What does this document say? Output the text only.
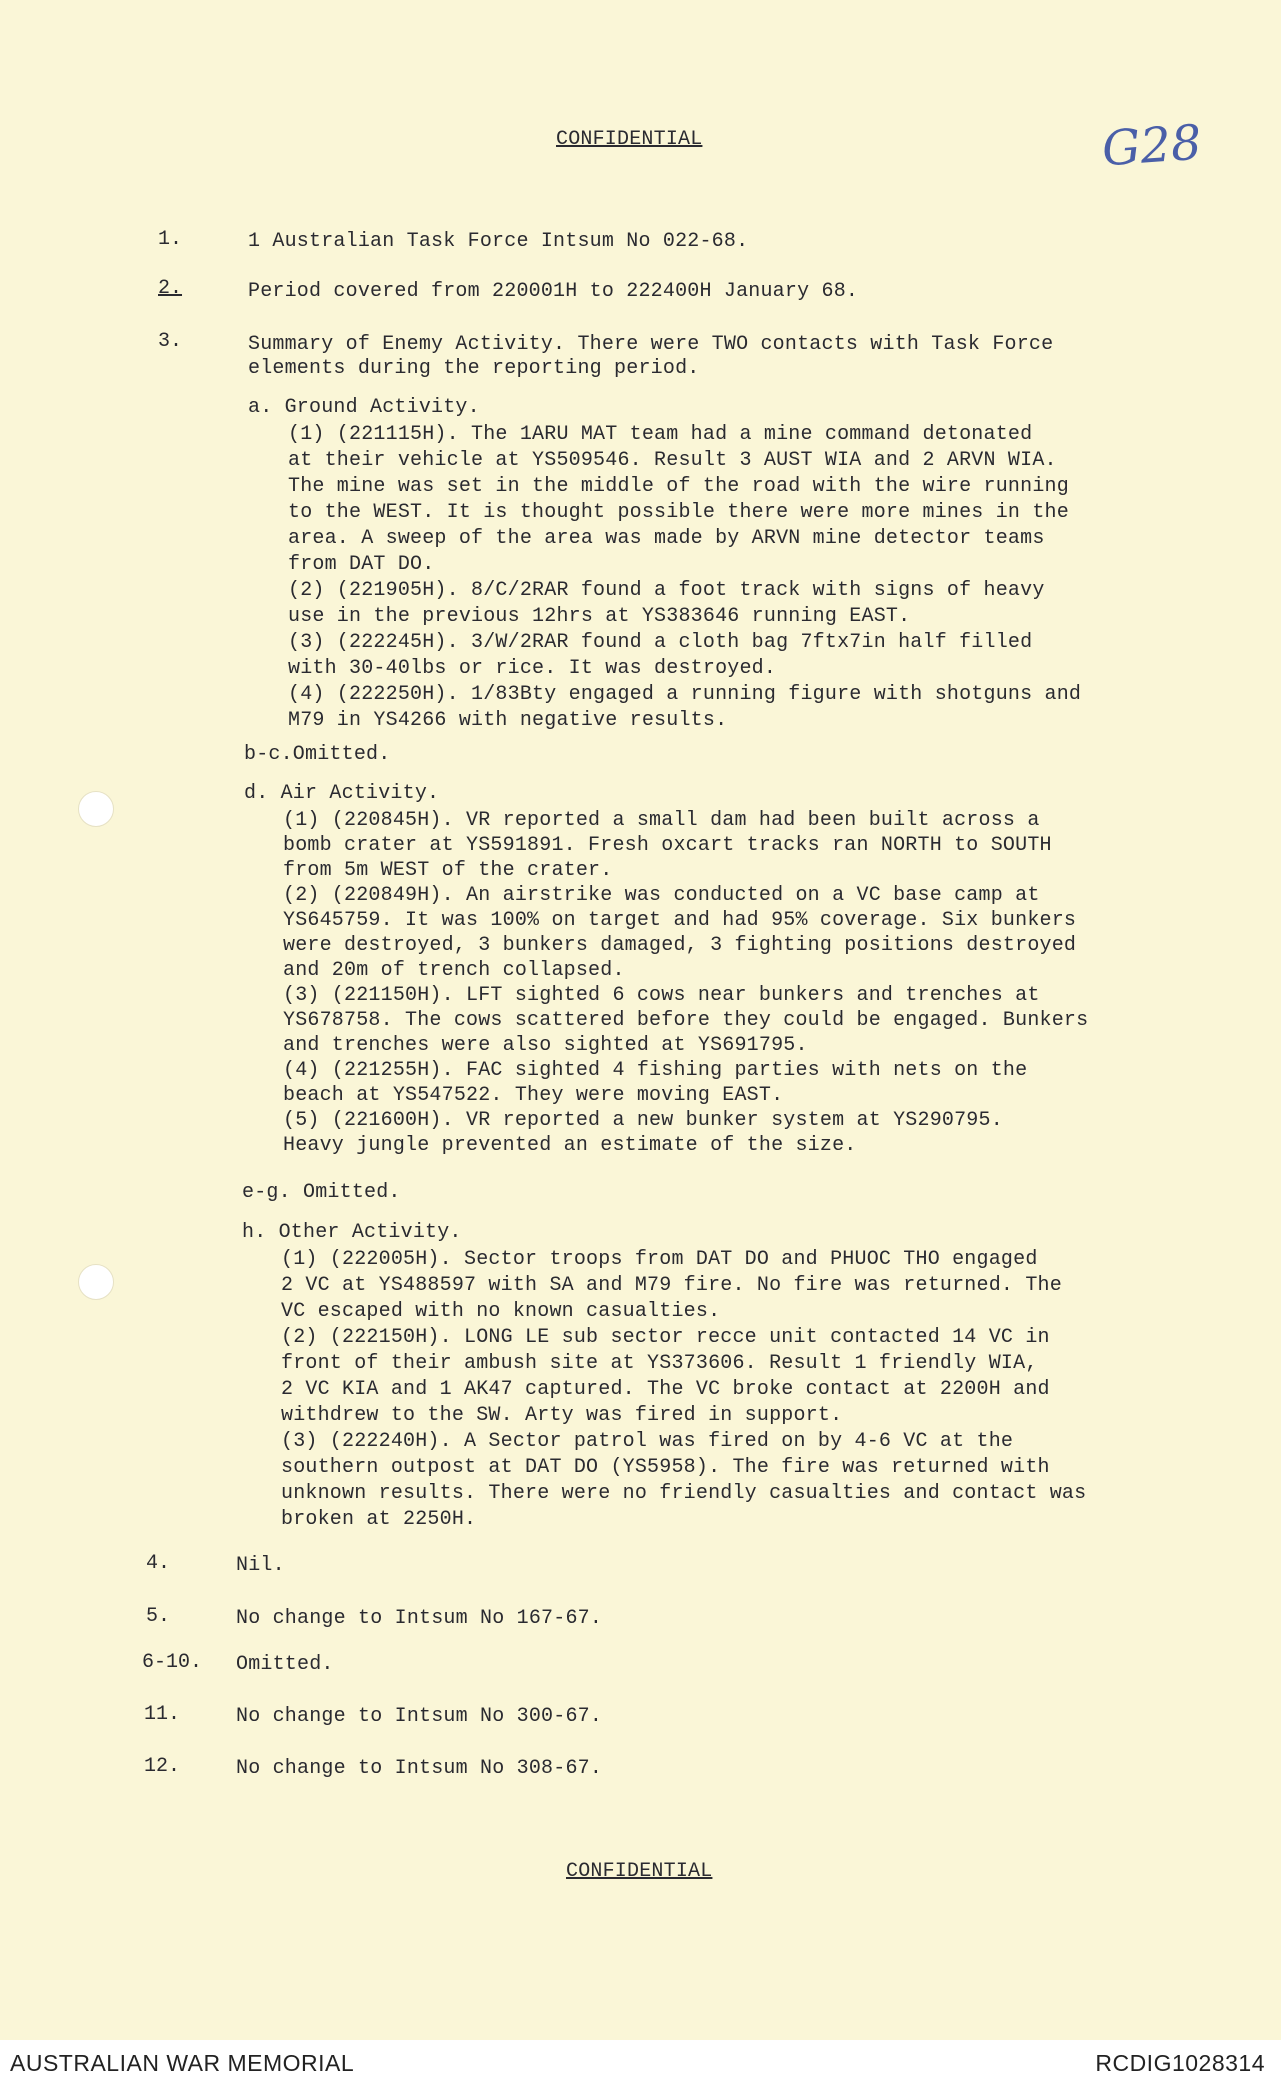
CONFIDENTIAL	G28
1.	1 Australian Task Force Intsum No 022-68.
2.	Period covered from 220001H to 222400H January 68.
3.	Summary of Enemy Activity. There were TWO contacts with Task Force
elements during the reporting period.
a. Ground Activity.
(1) (221115H). The 1ARU MAT team had a mine command detonated
at their vehicle at YS509546. Result 3 AUST WIA and 2 ARVN WIA.
The mine was set in the middle of the road with the wire running
to the WEST. It is thought possible there were more mines in the
area. A sweep of the area was made by ARVN mine detector teams
from DAT DO.
(2) (221905H). 8/C/2RAR found a foot track with signs of heavy
use in the previous 12hrs at YS383646 running EAST.
(3) (222245H). 3/W/2RAR found a cloth bag 7ftx7in half filled
with 30-40lbs or rice. It was destroyed.
(4) (222250H). 1/83Bty engaged a running figure with shotguns and
M79 in YS4266 with negative results.
b-c.Omitted.
d. Air Activity.
(1) (220845H). VR reported a small dam had been built across a
bomb crater at YS591891. Fresh oxcart tracks ran NORTH to SOUTH
from 5m WEST of the crater.
(2) (220849H). An airstrike was conducted on a VC base camp at
YS645759. It was 100% on target and had 95% coverage. Six bunkers
were destroyed, 3 bunkers damaged, 3 fighting positions destroyed
and 20m of trench collapsed.
(3) (221150H). LFT sighted 6 cows near bunkers and trenches at
YS678758. The cows scattered before they could be engaged. Bunkers
and trenches were also sighted at YS691795.
(4) (221255H). FAC sighted 4 fishing parties with nets on the
beach at YS547522. They were moving EAST.
(5) (221600H). VR reported a new bunker system at YS290795.
Heavy jungle prevented an estimate of the size.
e-g. Omitted.
h. Other Activity.
(1) (222005H). Sector troops from DAT DO and PHUOC THO engaged
2 VC at YS488597 with SA and M79 fire. No fire was returned. The
VC escaped with no known casualties.
(2) (222150H). LONG LE sub sector recce unit contacted 14 VC in
front of their ambush site at YS373606. Result 1 friendly WIA,
2 VC KIA and 1 AK47 captured. The VC broke contact at 2200H and
withdrew to the SW. Arty was fired in support.
(3) (222240H). A Sector patrol was fired on by 4-6 VC at the
southern outpost at DAT DO (YS5958). The fire was returned with
unknown results. There were no friendly casualties and contact was
broken at 2250H.
4.	Nil.
5.	No change to Intsum No 167-67.
6-10. Omitted.
11.	No change to Intsum No 300-67.
12.	No change to Intsum No 308-67.
CONFIDENTIAL
AUSTRALIAN WAR MEMORIAL	RCDIG1028314
